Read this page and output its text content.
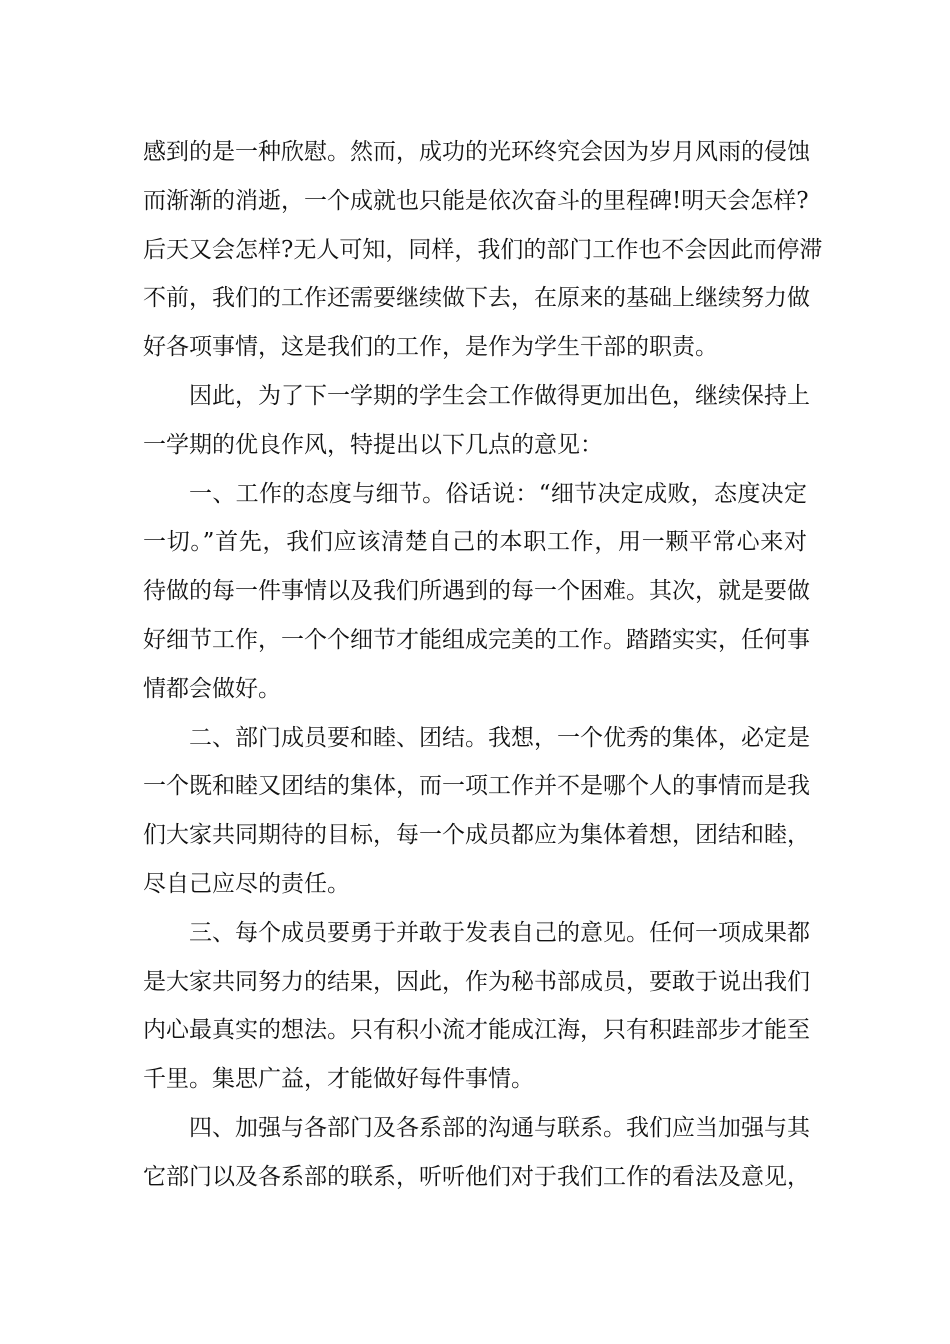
感到的是一种欣慰。然而，成功的光环终究会因为岁月风雨的侵蚀
而渐渐的消逝，一个成就也只能是依次奋斗的里程碑!明天会怎样?
后天又会怎样?无人可知，同样，我们的部门工作也不会因此而停滞
不前，我们的工作还需要继续做下去，在原来的基础上继续努力做
好各项事情，这是我们的工作，是作为学生干部的职责。
因此，为了下一学期的学生会工作做得更加出色，继续保持上
一学期的优良作风，特提出以下几点的意见：
一、工作的态度与细节。俗话说：“细节决定成败，态度决定
一切。”首先，我们应该清楚自己的本职工作，用一颗平常心来对
待做的每一件事情以及我们所遇到的每一个困难。其次，就是要做
好细节工作，一个个细节才能组成完美的工作。踏踏实实，任何事
情都会做好。
二、部门成员要和睦、团结。我想，一个优秀的集体，必定是
一个既和睦又团结的集体，而一项工作并不是哪个人的事情而是我
们大家共同期待的目标，每一个成员都应为集体着想，团结和睦，
尽自己应尽的责任。
三、每个成员要勇于并敢于发表自己的意见。任何一项成果都
是大家共同努力的结果，因此，作为秘书部成员，要敢于说出我们
内心最真实的想法。只有积小流才能成江海，只有积跬部步才能至
千里。集思广益，才能做好每件事情。
四、加强与各部门及各系部的沟通与联系。我们应当加强与其
它部门以及各系部的联系，听听他们对于我们工作的看法及意见，
